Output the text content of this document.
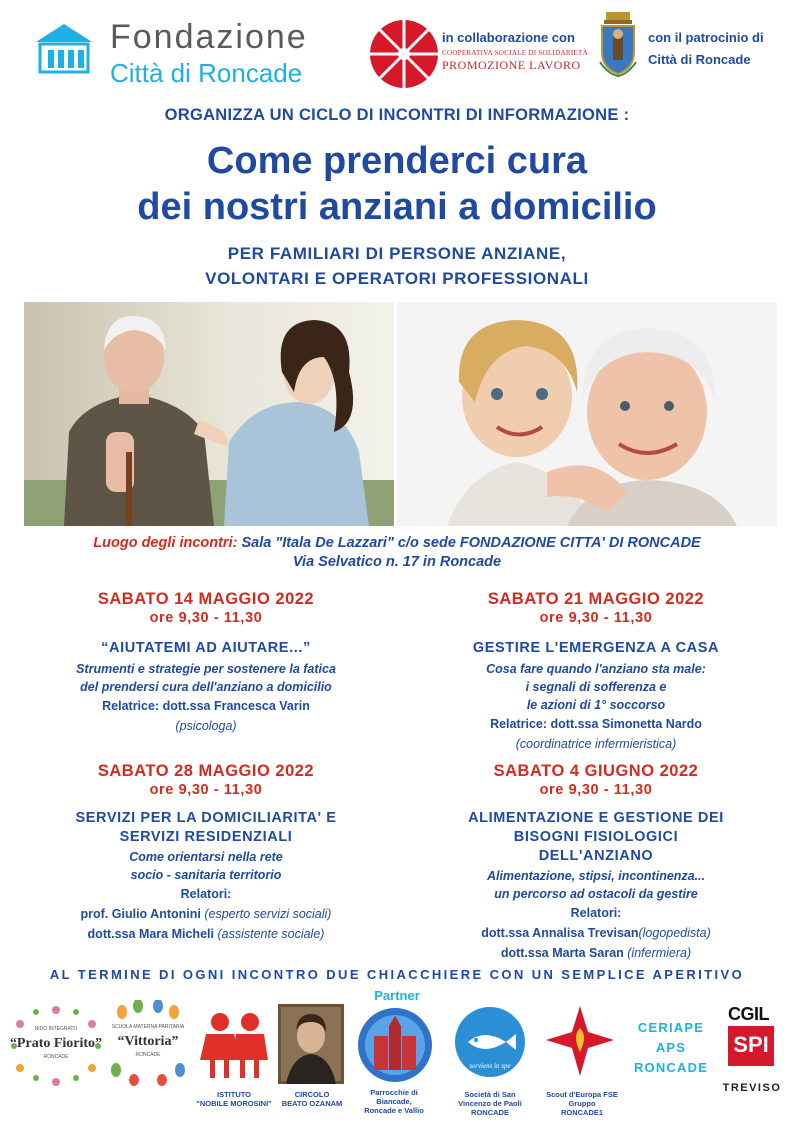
Fondazione
Città di Roncade
in collaborazione con
COOPERATIVA SOCIALE DI SOLIDARIETÀ
PROMOZIONE LAVORO
con il patrocinio di
Città di Roncade
ORGANIZZA UN CICLO DI INCONTRI DI INFORMAZIONE :
Come prenderci cura
dei nostri anziani a domicilio
PER FAMILIARI DI PERSONE ANZIANE,
VOLONTARI E OPERATORI PROFESSIONALI
Luogo degli incontri: Sala "Itala De Lazzari" c/o sede FONDAZIONE CITTA' DI RONCADE
Via Selvatico n. 17 in Roncade
SABATO 14 MAGGIO 2022
ore 9,30 - 11,30
“AIUTATEMI AD AIUTARE...”
Strumenti e strategie per sostenere la fatica
del prendersi cura dell'anziano a domicilio
Relatrice: dott.ssa Francesca Varin
(psicologa)
SABATO 21 MAGGIO 2022
ore 9,30 - 11,30
GESTIRE L'EMERGENZA A CASA
Cosa fare quando l'anziano sta male:
i segnali di sofferenza e
le azioni di 1° soccorso
Relatrice: dott.ssa Simonetta Nardo
(coordinatrice infermieristica)
SABATO 28 MAGGIO 2022
ore 9,30 - 11,30
SERVIZI PER LA DOMICILIARITA' E
SERVIZI RESIDENZIALI
Come orientarsi nella rete
socio - sanitaria territorio
Relatori:
prof. Giulio Antonini (esperto servizi sociali)
dott.ssa Mara Micheli (assistente sociale)
SABATO 4 GIUGNO 2022
ore 9,30 - 11,30
ALIMENTAZIONE E GESTIONE DEI
BISOGNI FISIOLOGICI
DELL'ANZIANO
Alimentazione, stipsi, incontinenza...
un percorso ad ostacoli da gestire
Relatori:
dott.ssa Annalisa Trevisan(logopedista)
dott.ssa Marta Saran (infermiera)
AL TERMINE DI OGNI INCONTRO DUE CHIACCHIERE CON UN SEMPLICE APERITIVO
Partner
NIDO INTEGRATO
“Prato Fiorito”
RONCADE
SCUOLA MATERNA PARITARIA
“Vittoria”
RONCADE
ISTITUTO
"NOBILE MOROSINI"
CIRCOLO
BEATO OZANAM
Parrocchie di
Biancade,
Roncade e Vallio
serviens in spe
Società di San
Vincenzo de Paoli
RONCADE
Scout d'Europa FSE
Gruppo
RONCADE1
CERIAPE
APS
RONCADE
CGIL
SPI
TREVISO
